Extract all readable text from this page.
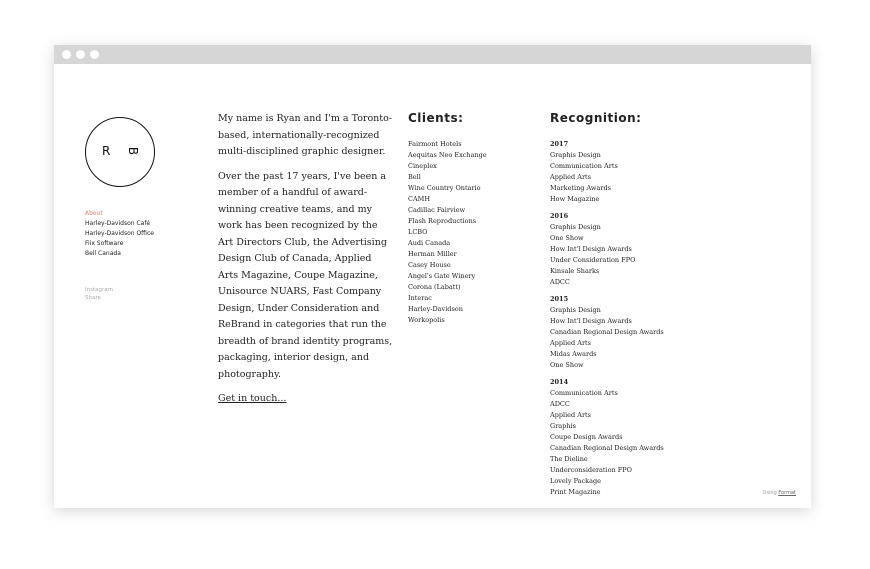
R B
About
Harley-Davidson Café
Harley-Davidson Office
Fiix Software
Bell Canada
Instagram
Share

My name is Ryan and I'm a Toronto-based, internationally-recognized multi-disciplined graphic designer.

Over the past 17 years, I've been a member of a handful of award-winning creative teams, and my work has been recognized by the Art Directors Club, the Advertising Design Club of Canada, Applied Arts Magazine, Coupe Magazine, Unisource NUARS, Fast Company Design, Under Consideration and ReBrand in categories that run the breadth of brand identity programs, packaging, interior design, and photography.

Get in touch...
Clients:
Fairmont Hotels
Aequitas Neo Exchange
Cineplex
Bell
Wine Country Ontario
CAMH
Cadillac Fairview
Flash Reproductions
LCBO
Audi Canada
Herman Miller
Casey House
Angel's Gate Winery
Corona (Labatt)
Interac
Harley-Davidson
Workopolis
Recognition:
2017
Graphis Design
Communication Arts
Applied Arts
Marketing Awards
How Magazine
2016
Graphis Design
One Show
How Int'l Design Awards
Under Consideration FPO
Kinsale Sharks
ADCC
2015
Graphis Design
How Int'l Design Awards
Canadian Regional Design Awards
Applied Arts
Midas Awards
One Show
2014
Communication Arts
ADCC
Applied Arts
Graphis
Coupe Design Awards
Canadian Regional Design Awards
The Dieline
Underconsideration FPO
Lovely Package
Print Magazine	Using Format
